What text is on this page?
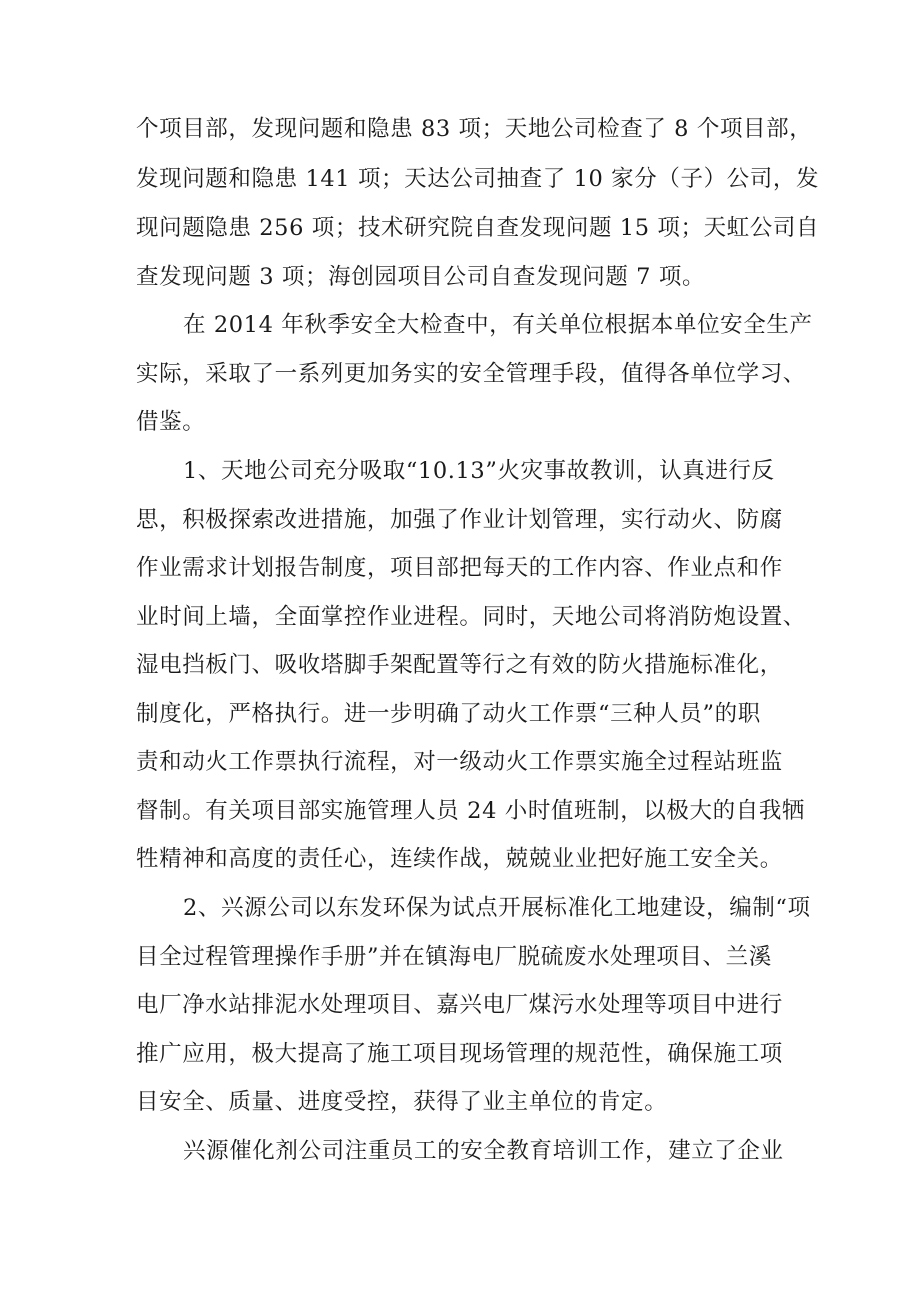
个项目部，发现问题和隐患 83 项；天地公司检查了 8 个项目部，
发现问题和隐患 141 项；天达公司抽查了 10 家分（子）公司，发
现问题隐患 256 项；技术研究院自查发现问题 15 项；天虹公司自
查发现问题 3 项；海创园项目公司自查发现问题 7 项。
在 2014 年秋季安全大检查中，有关单位根据本单位安全生产
实际，采取了一系列更加务实的安全管理手段，值得各单位学习、
借鉴。
1、天地公司充分吸取“10.13”火灾事故教训，认真进行反
思，积极探索改进措施，加强了作业计划管理，实行动火、防腐
作业需求计划报告制度，项目部把每天的工作内容、作业点和作
业时间上墙，全面掌控作业进程。同时，天地公司将消防炮设置、
湿电挡板门、吸收塔脚手架配置等行之有效的防火措施标准化，
制度化，严格执行。进一步明确了动火工作票“三种人员”的职
责和动火工作票执行流程，对一级动火工作票实施全过程站班监
督制。有关项目部实施管理人员 24 小时值班制，以极大的自我牺
牲精神和高度的责任心，连续作战，兢兢业业把好施工安全关。
2、兴源公司以东发环保为试点开展标准化工地建设，编制“项
目全过程管理操作手册”并在镇海电厂脱硫废水处理项目、兰溪
电厂净水站排泥水处理项目、嘉兴电厂煤污水处理等项目中进行
推广应用，极大提高了施工项目现场管理的规范性，确保施工项
目安全、质量、进度受控，获得了业主单位的肯定。
兴源催化剂公司注重员工的安全教育培训工作，建立了企业
